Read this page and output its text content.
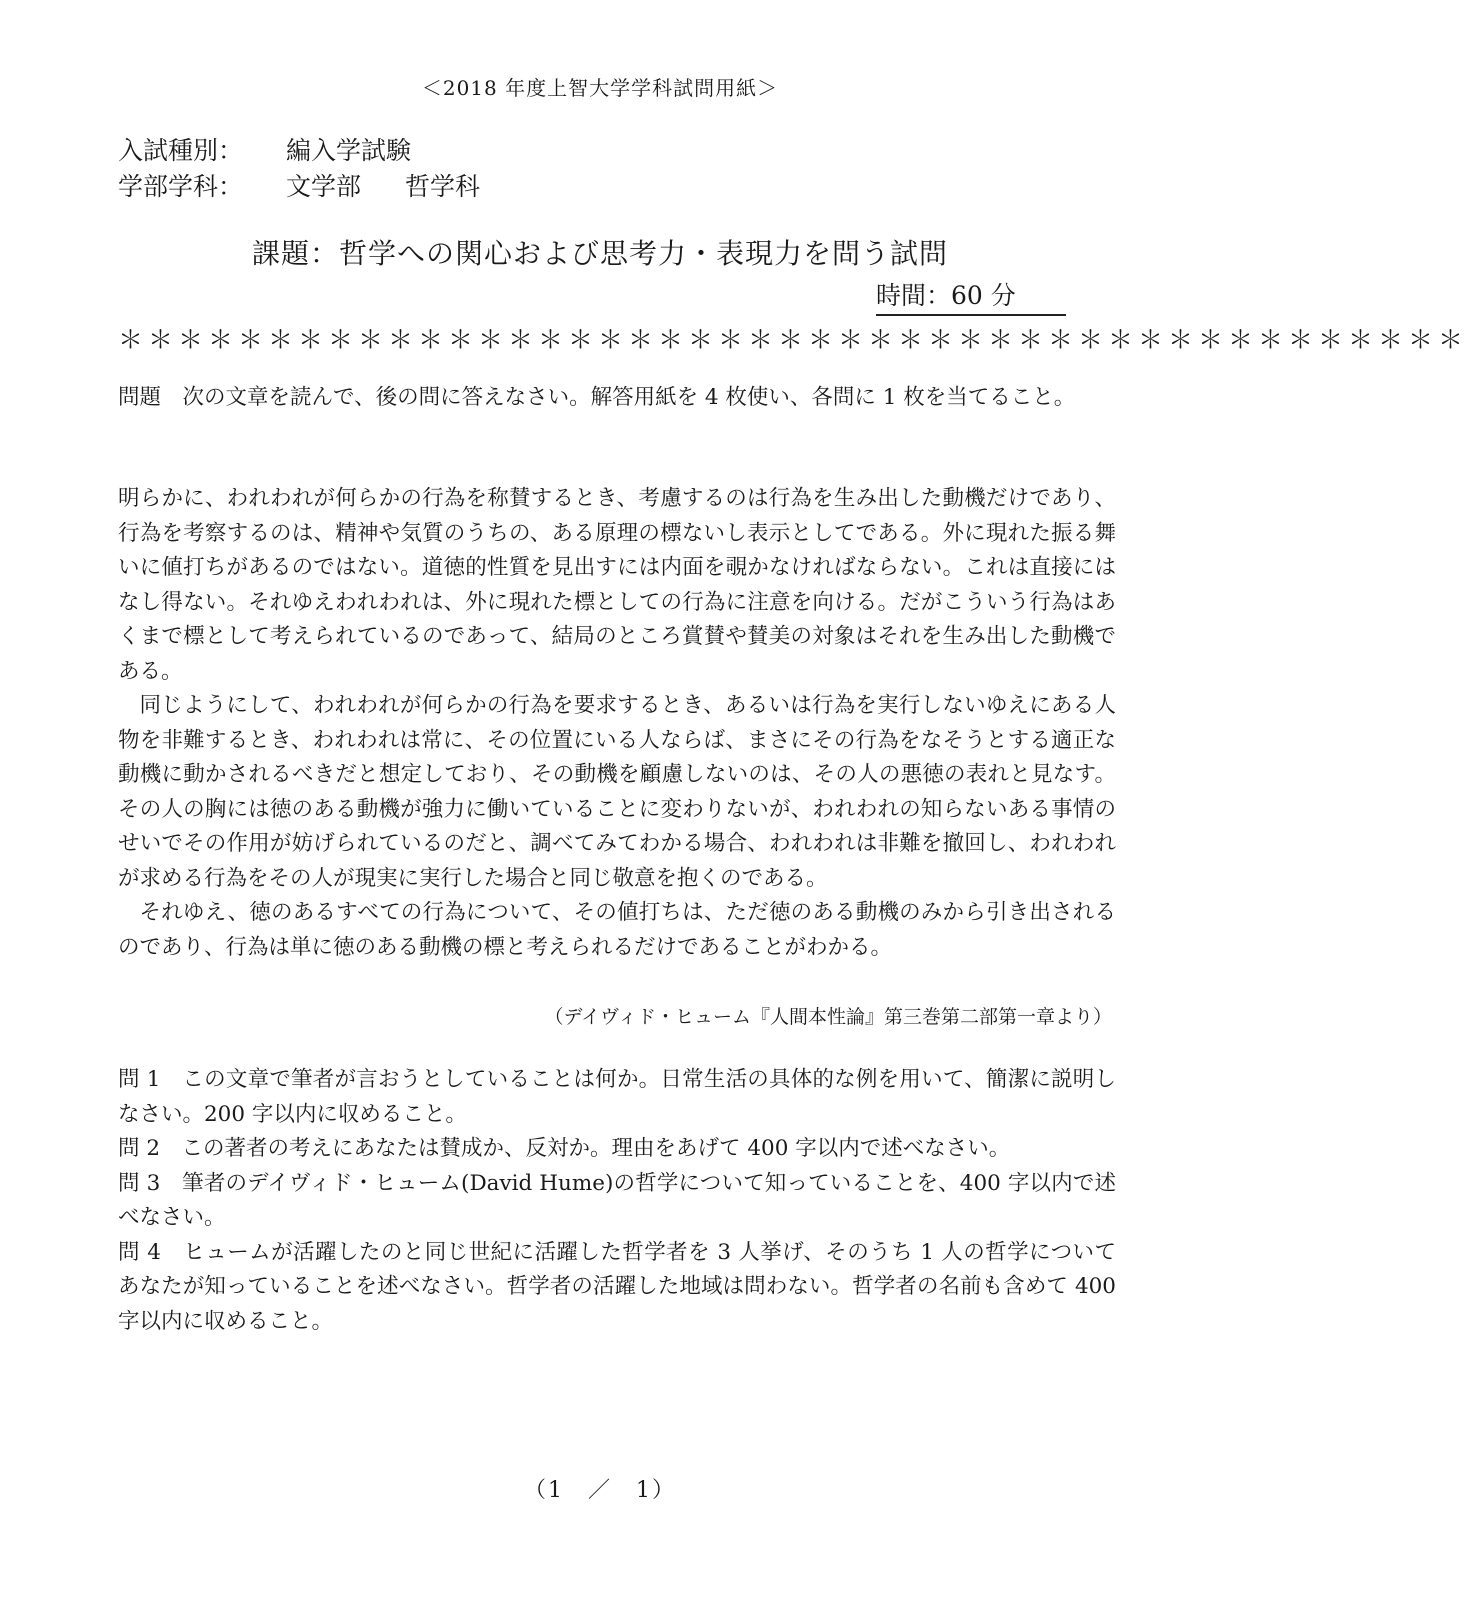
＜2018 年度上智大学学科試問用紙＞
入試種別：	編入学試験
学部学科：	文学部 哲学科
課題：哲学への関心および思考力・表現力を問う試問
時間：60 分
＊＊＊＊＊＊＊＊＊＊＊＊＊＊＊＊＊＊＊＊＊＊＊＊＊＊＊＊＊＊＊＊＊＊＊＊＊＊＊＊＊＊＊＊＊
問題　次の文章を読んで、後の問に答えなさい。解答用紙を 4 枚使い、各問に 1 枚を当てること。

明らかに、われわれが何らかの行為を称賛するとき、考慮するのは行為を生み出した動機だけであり、行為を考察するのは、精神や気質のうちの、ある原理の標ないし表示としてである。外に現れた振る舞いに値打ちがあるのではない。道徳的性質を見出すには内面を覗かなければならない。これは直接にはなし得ない。それゆえわれわれは、外に現れた標としての行為に注意を向ける。だがこういう行為はあくまで標として考えられているのであって、結局のところ賞賛や賛美の対象はそれを生み出した動機である。

同じようにして、われわれが何らかの行為を要求するとき、あるいは行為を実行しないゆえにある人物を非難するとき、われわれは常に、その位置にいる人ならば、まさにその行為をなそうとする適正な動機に動かされるべきだと想定しており、その動機を顧慮しないのは、その人の悪徳の表れと見なす。その人の胸には徳のある動機が強力に働いていることに変わりないが、われわれの知らないある事情のせいでその作用が妨げられているのだと、調べてみてわかる場合、われわれは非難を撤回し、われわれが求める行為をその人が現実に実行した場合と同じ敬意を抱くのである。

それゆえ、徳のあるすべての行為について、その値打ちは、ただ徳のある動機のみから引き出されるのであり、行為は単に徳のある動機の標と考えられるだけであることがわかる。

（デイヴィド・ヒューム『人間本性論』第三巻第二部第一章より）

問 1　この文章で筆者が言おうとしていることは何か。日常生活の具体的な例を用いて、簡潔に説明しなさい。200 字以内に収めること。

問 2　この著者の考えにあなたは賛成か、反対か。理由をあげて 400 字以内で述べなさい。

問 3　筆者のデイヴィド・ヒューム(David Hume)の哲学について知っていることを、400 字以内で述べなさい。

問 4　ヒュームが活躍したのと同じ世紀に活躍した哲学者を 3 人挙げ、そのうち 1 人の哲学についてあなたが知っていることを述べなさい。哲学者の活躍した地域は問わない。哲学者の名前も含めて 400 字以内に収めること。

（1　／　1）
